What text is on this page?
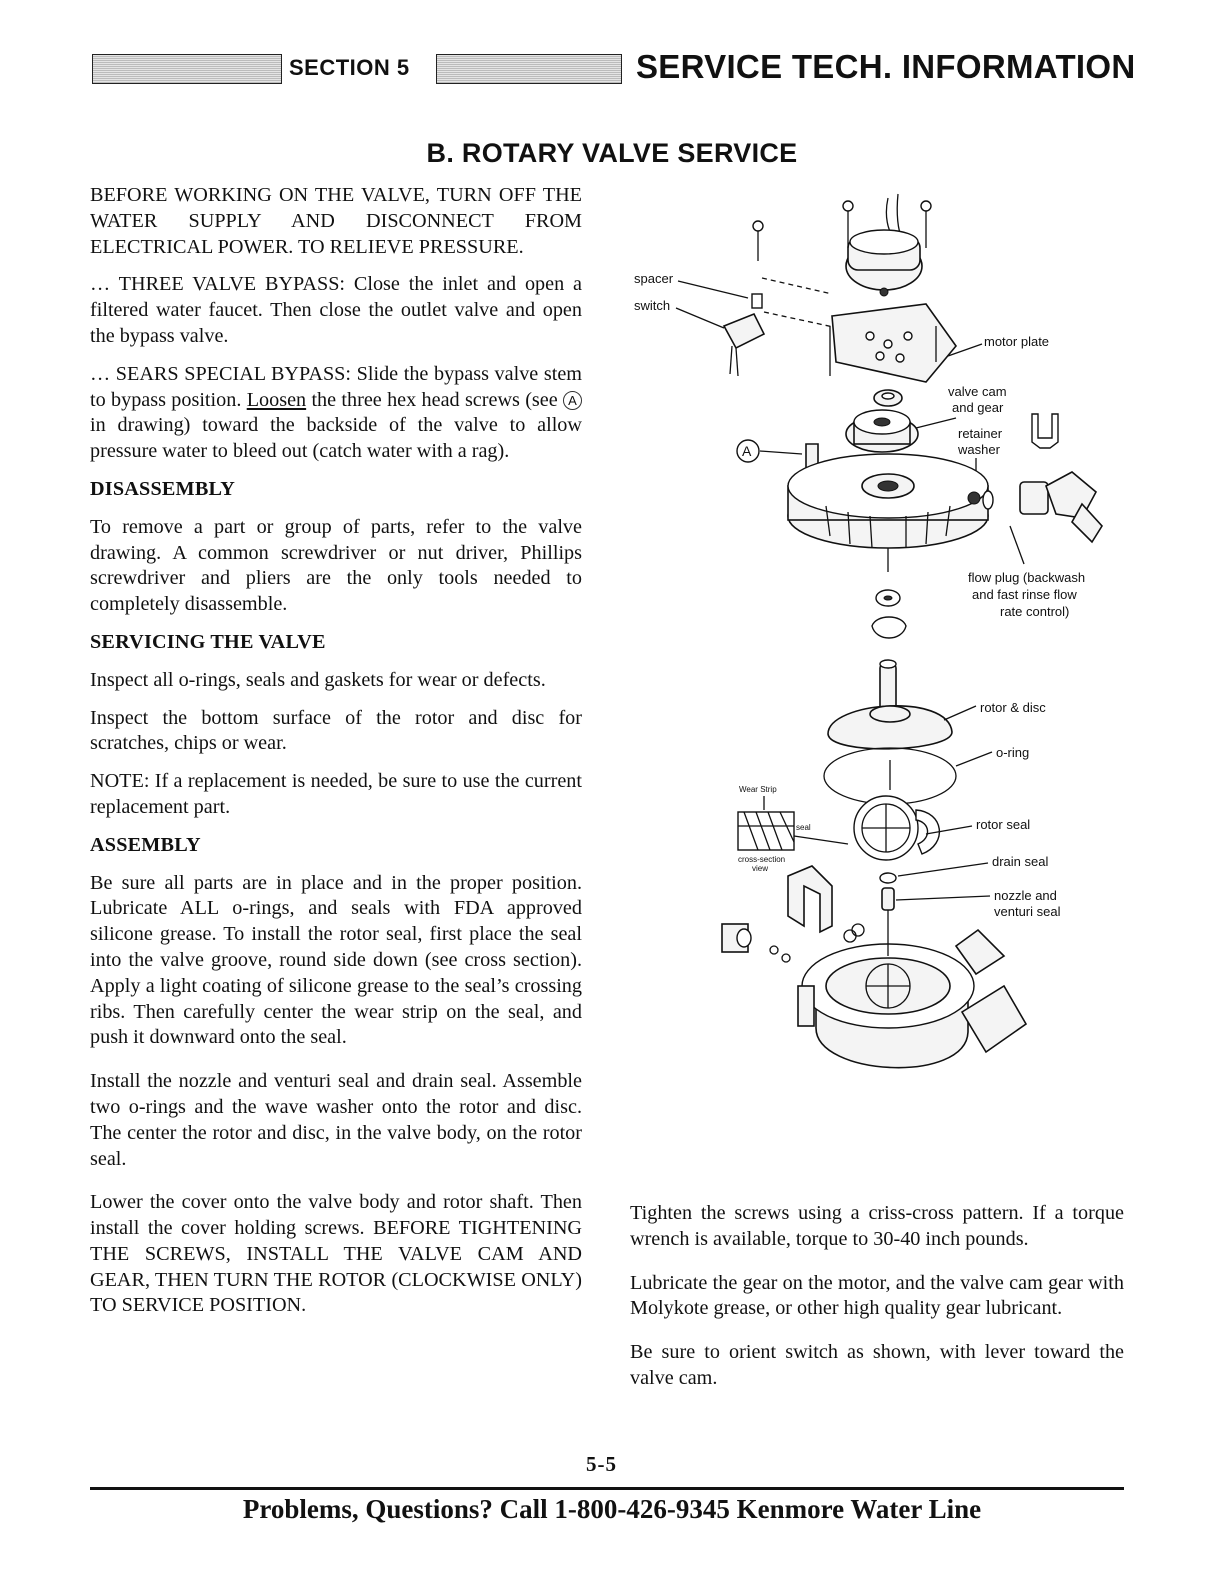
SECTION 5	SERVICE TECH. INFORMATION
B. ROTARY VALVE SERVICE

BEFORE WORKING ON THE VALVE, TURN OFF THE WATER SUPPLY AND DISCONNECT FROM ELECTRICAL POWER. TO RELIEVE PRESSURE.

… THREE VALVE BYPASS: Close the inlet and open a filtered water faucet. Then close the outlet valve and open the bypass valve.

… SEARS SPECIAL BYPASS: Slide the bypass valve stem to bypass position. Loosen the three hex head screws (see A in drawing) toward the backside of the valve to allow pressure water to bleed out (catch water with a rag).

DISASSEMBLY

To remove a part or group of parts, refer to the valve drawing. A common screwdriver or nut driver, Phillips screwdriver and pliers are the only tools needed to completely disassemble.

SERVICING THE VALVE

Inspect all o-rings, seals and gaskets for wear or defects.

Inspect the bottom surface of the rotor and disc for scratches, chips or wear.

NOTE: If a replacement is needed, be sure to use the current replacement part.

ASSEMBLY

Be sure all parts are in place and in the proper position. Lubricate ALL o-rings, and seals with FDA approved silicone grease. To install the rotor seal, first place the seal into the valve groove, round side down (see cross section). Apply a light coating of silicone grease to the seal’s crossing ribs. Then carefully center the wear strip on the seal, and push it downward onto the seal.

Install the nozzle and venturi seal and drain seal. Assemble two o-rings and the wave washer onto the rotor and disc. The center the rotor and disc, in the valve body, on the rotor seal.

Lower the cover onto the valve body and rotor shaft. Then install the cover holding screws. BEFORE TIGHTENING THE SCREWS, INSTALL THE VALVE CAM AND GEAR, THEN TURN THE ROTOR (CLOCKWISE ONLY) TO SERVICE POSITION.

Tighten the screws using a criss-cross pattern. If a torque wrench is available, torque to 30-40 inch pounds.

Lubricate the gear on the motor, and the valve cam gear with Molykote grease, or other high quality gear lubricant.

Be sure to orient switch as shown, with lever toward the valve cam.

spacer
switch
motor plate
valve cam
and gear
retainer
washer
A
flow plug (backwash
and fast rinse flow
rate control)
rotor & disc
o-ring
Wear Strip
seal
cross-section
view
rotor seal
drain seal
nozzle and
venturi seal
5-5
Problems, Questions? Call 1-800-426-9345 Kenmore Water Line
